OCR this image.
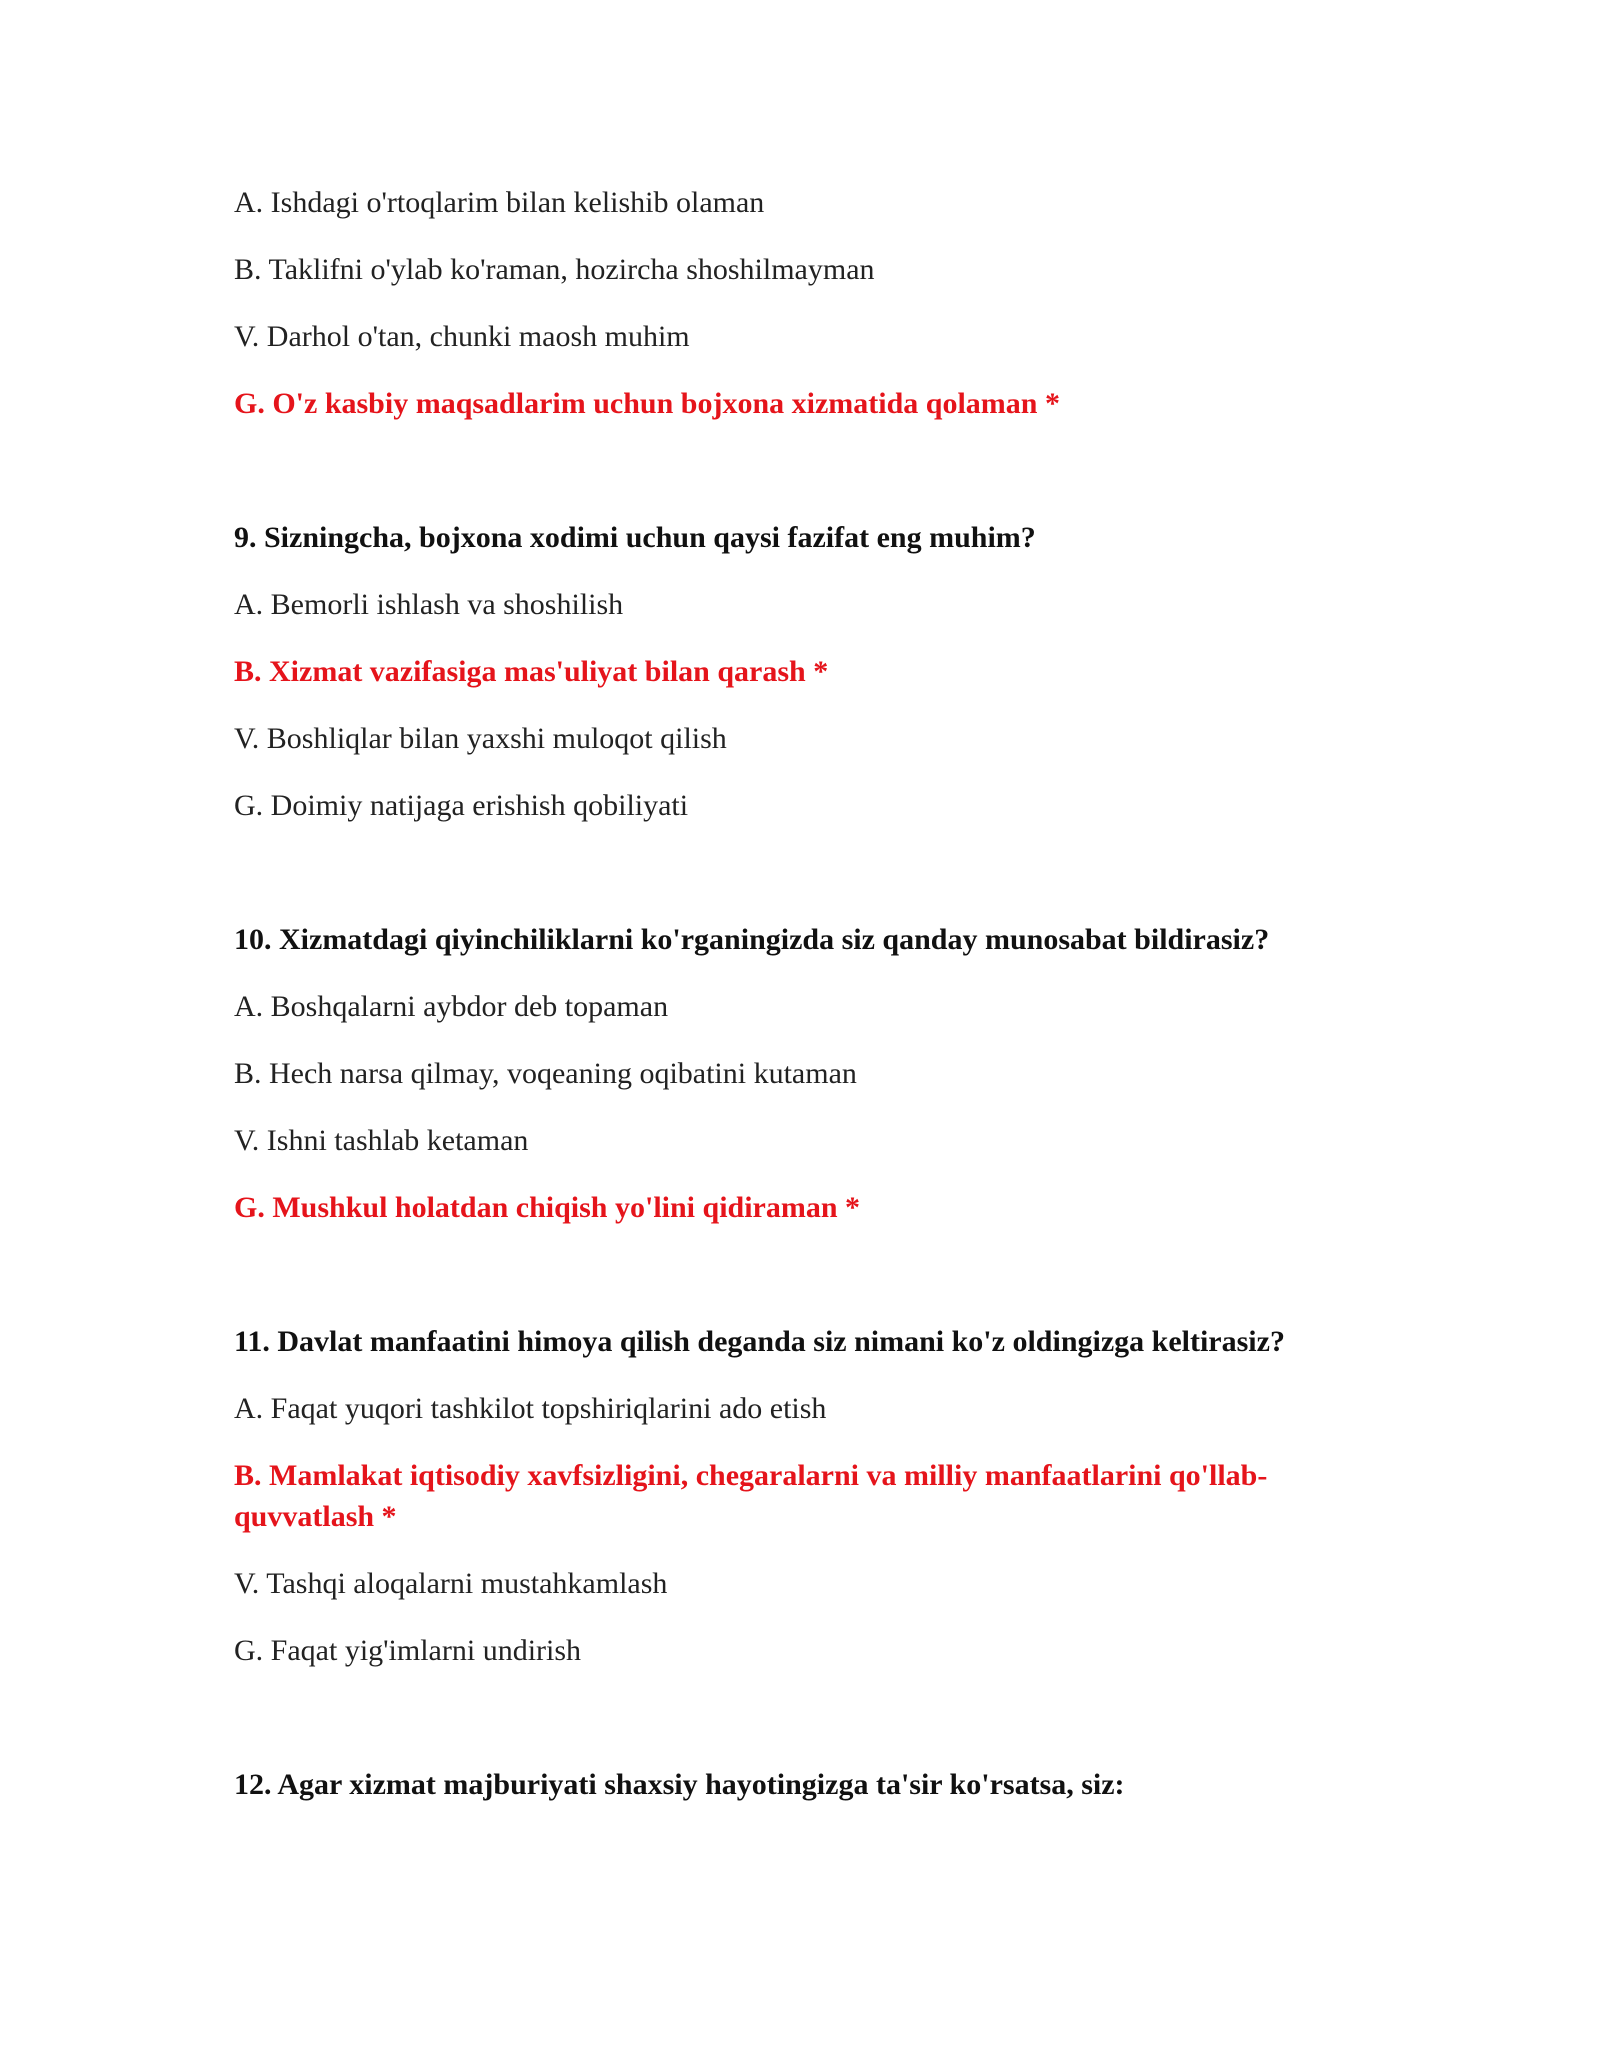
A. Ishdagi o'rtoqlarim bilan kelishib olaman
B. Taklifni o'ylab ko'raman, hozircha shoshilmayman
V. Darhol o'tan, chunki maosh muhim
G. O'z kasbiy maqsadlarim uchun bojxona xizmatida qolaman *
9. Sizningcha, bojxona xodimi uchun qaysi fazifat eng muhim?
A. Bemorli ishlash va shoshilish
B. Xizmat vazifasiga mas'uliyat bilan qarash *
V. Boshliqlar bilan yaxshi muloqot qilish
G. Doimiy natijaga erishish qobiliyati
10. Xizmatdagi qiyinchiliklarni ko'rganingizda siz qanday munosabat bildirasiz?
A. Boshqalarni aybdor deb topaman
B. Hech narsa qilmay, voqeaning oqibatini kutaman
V. Ishni tashlab ketaman
G. Mushkul holatdan chiqish yo'lini qidiraman *
11. Davlat manfaatini himoya qilish deganda siz nimani ko'z oldingizga keltirasiz?
A. Faqat yuqori tashkilot topshiriqlarini ado etish
B. Mamlakat iqtisodiy xavfsizligini, chegaralarni va milliy manfaatlarini qo'llab-quvvatlash *
V. Tashqi aloqalarni mustahkamlash
G. Faqat yig'imlarni undirish
12. Agar xizmat majburiyati shaxsiy hayotingizga ta'sir ko'rsatsa, siz:
